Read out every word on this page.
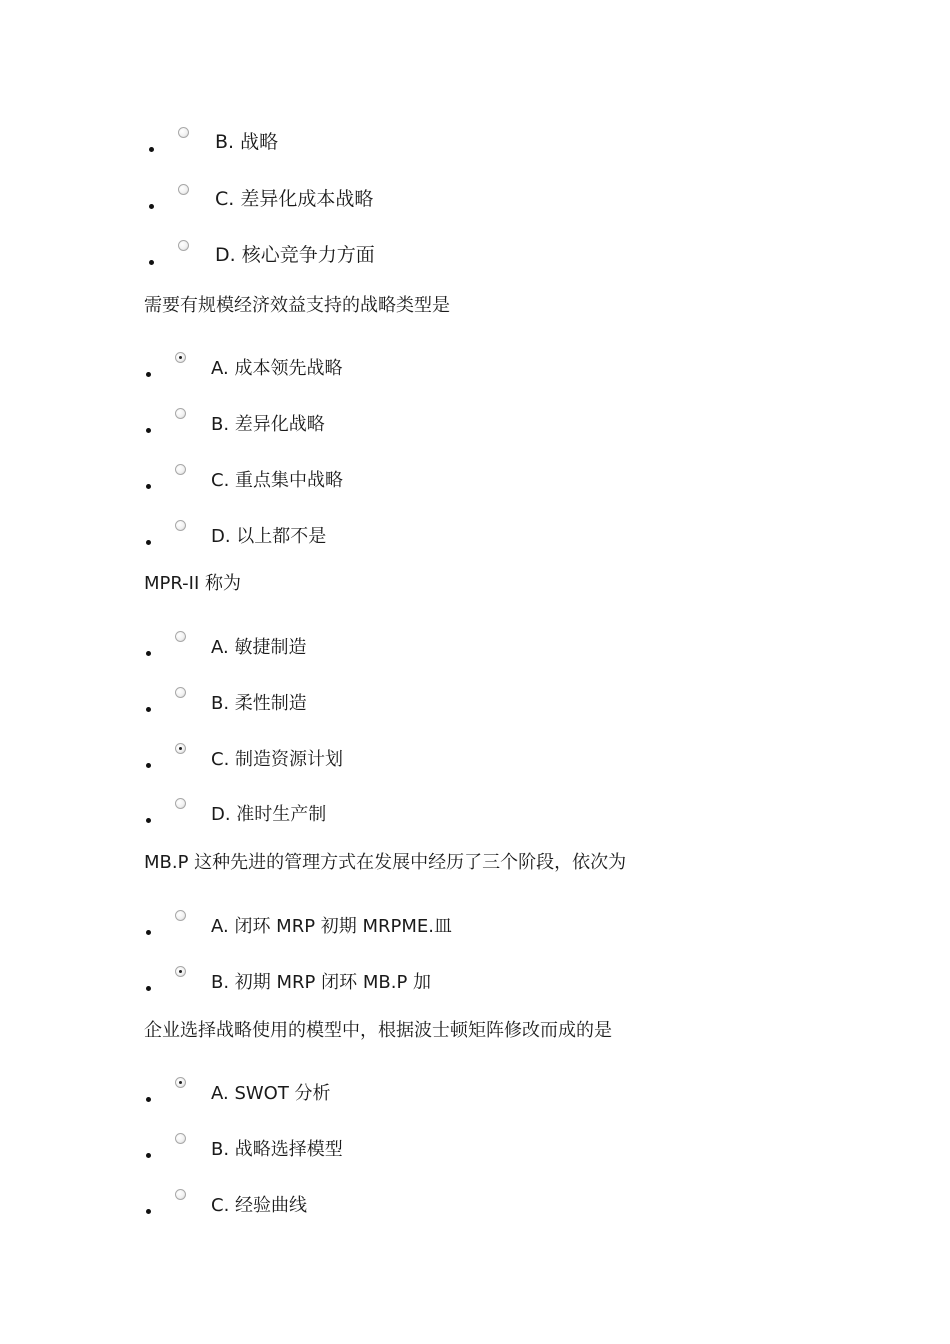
B. 战略
C. 差异化成本战略
D. 核心竞争力方面
需要有规模经济效益支持的战略类型是
A. 成本领先战略
B. 差异化战略
C. 重点集中战略
D. 以上都不是
MPR-II 称为
A. 敏捷制造
B. 柔性制造
C. 制造资源计划
D. 准时生产制
MB.P 这种先进的管理方式在发展中经历了三个阶段，依次为
A. 闭环 MRP 初期 MRPME.皿
B. 初期 MRP 闭环 MB.P 加
企业选择战略使用的模型中，根据波士顿矩阵修改而成的是
A. SWOT 分析
B. 战略选择模型
C. 经验曲线
